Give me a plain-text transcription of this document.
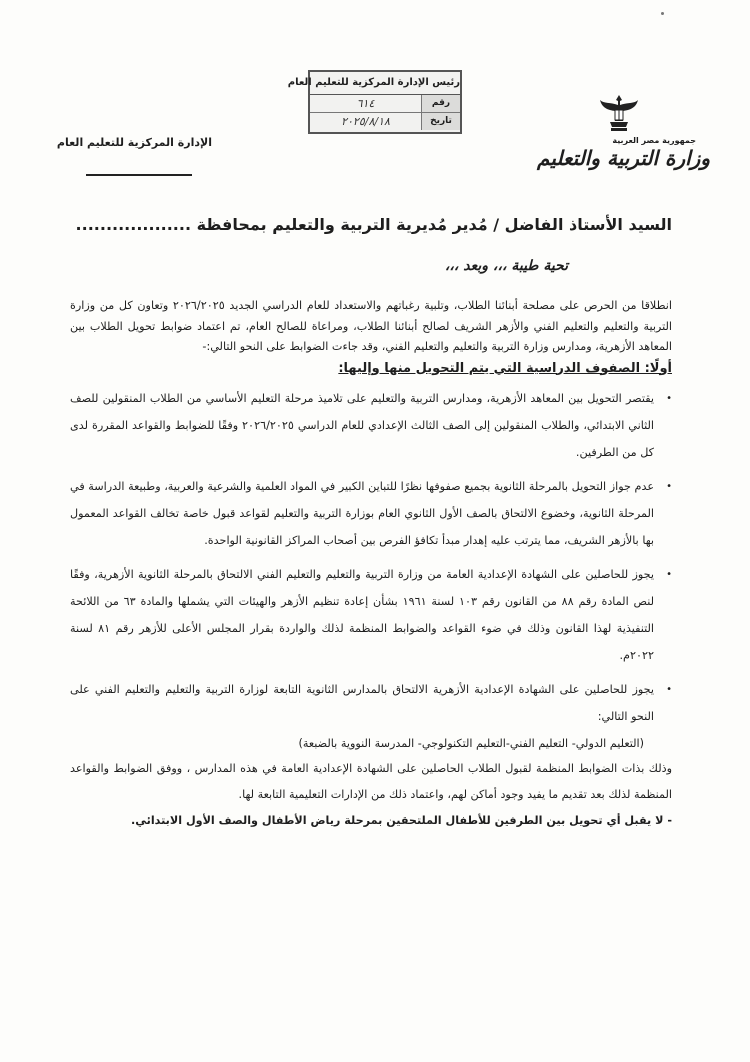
جمهورية مصر العربية
وزارة التربية والتعليم
رئيس الإدارة المركزية للتعليم العام
رقم
٦١٤
تاريخ
٢٠٢٥/٨/١٨
الإدارة المركزية للتعليم العام
السيد الأستاذ الفاضل / مُدير مُديرية التربية والتعليم بمحافظة ...................
تحية طيبة ،،، وبعد ،،،

انطلاقا من الحرص على مصلحة أبنائنا الطلاب، وتلبية رغباتهم والاستعداد للعام الدراسي الجديد ٢٠٢٦/٢٠٢٥ وتعاون كل من وزارة التربية والتعليم والتعليم الفني والأزهر الشريف لصالح أبنائنا الطلاب، ومراعاة للصالح العام، تم اعتماد ضوابط تحويل الطلاب بين المعاهد الأزهرية، ومدارس وزارة التربية والتعليم والتعليم الفني، وقد جاءت الضوابط على النحو التالي:-

أولًا: الصفوف الدراسية التي يتم التحويل منها وإليها:

•
يقتصر التحويل بين المعاهد الأزهرية، ومدارس التربية والتعليم على تلاميذ مرحلة التعليم الأساسي من الطلاب المنقولين للصف الثاني الابتدائي، والطلاب المنقولين إلى الصف الثالث الإعدادي للعام الدراسي ٢٠٢٦/٢٠٢٥ وفقًا للضوابط والقواعد المقررة لدى كل من الطرفين.
•
عدم جواز التحويل بالمرحلة الثانوية بجميع صفوفها نظرًا للتباين الكبير في المواد العلمية والشرعية والعربية، وطبيعة الدراسة في المرحلة الثانوية، وخضوع الالتحاق بالصف الأول الثانوي العام بوزارة التربية والتعليم لقواعد قبول خاصة تخالف القواعد المعمول بها بالأزهر الشريف، مما يترتب عليه إهدار مبدأ تكافؤ الفرص بين أصحاب المراكز القانونية الواحدة.
•
يجوز للحاصلين على الشهادة الإعدادية العامة من وزارة التربية والتعليم والتعليم الفني الالتحاق بالمرحلة الثانوية الأزهرية، وفقًا لنص المادة رقم ٨٨ من القانون رقم ١٠٣ لسنة ١٩٦١ بشأن إعادة تنظيم الأزهر والهيئات التي يشملها والمادة ٦٣ من اللائحة التنفيذية لهذا القانون وذلك في ضوء القواعد والضوابط المنظمة لذلك والواردة بقرار المجلس الأعلى للأزهر رقم ٨١ لسنة ٢٠٢٢م.
•
يجوز للحاصلين على الشهادة الإعدادية الأزهرية الالتحاق بالمدارس الثانوية التابعة لوزارة التربية والتعليم والتعليم الفني على النحو التالي:

(التعليم الدولي- التعليم الفني-التعليم التكنولوجي- المدرسة النووية بالضبعة)

وذلك بذات الضوابط المنظمة لقبول الطلاب الحاصلين على الشهادة الإعدادية العامة في هذه المدارس ، ووفق الضوابط والقواعد المنظمة لذلك بعد تقديم ما يفيد وجود أماكن لهم، واعتماد ذلك من الإدارات التعليمية التابعة لها.

- لا يقبل أي تحويل بين الطرفين للأطفال الملتحقين بمرحلة رياض الأطفال والصف الأول الابتدائي.
